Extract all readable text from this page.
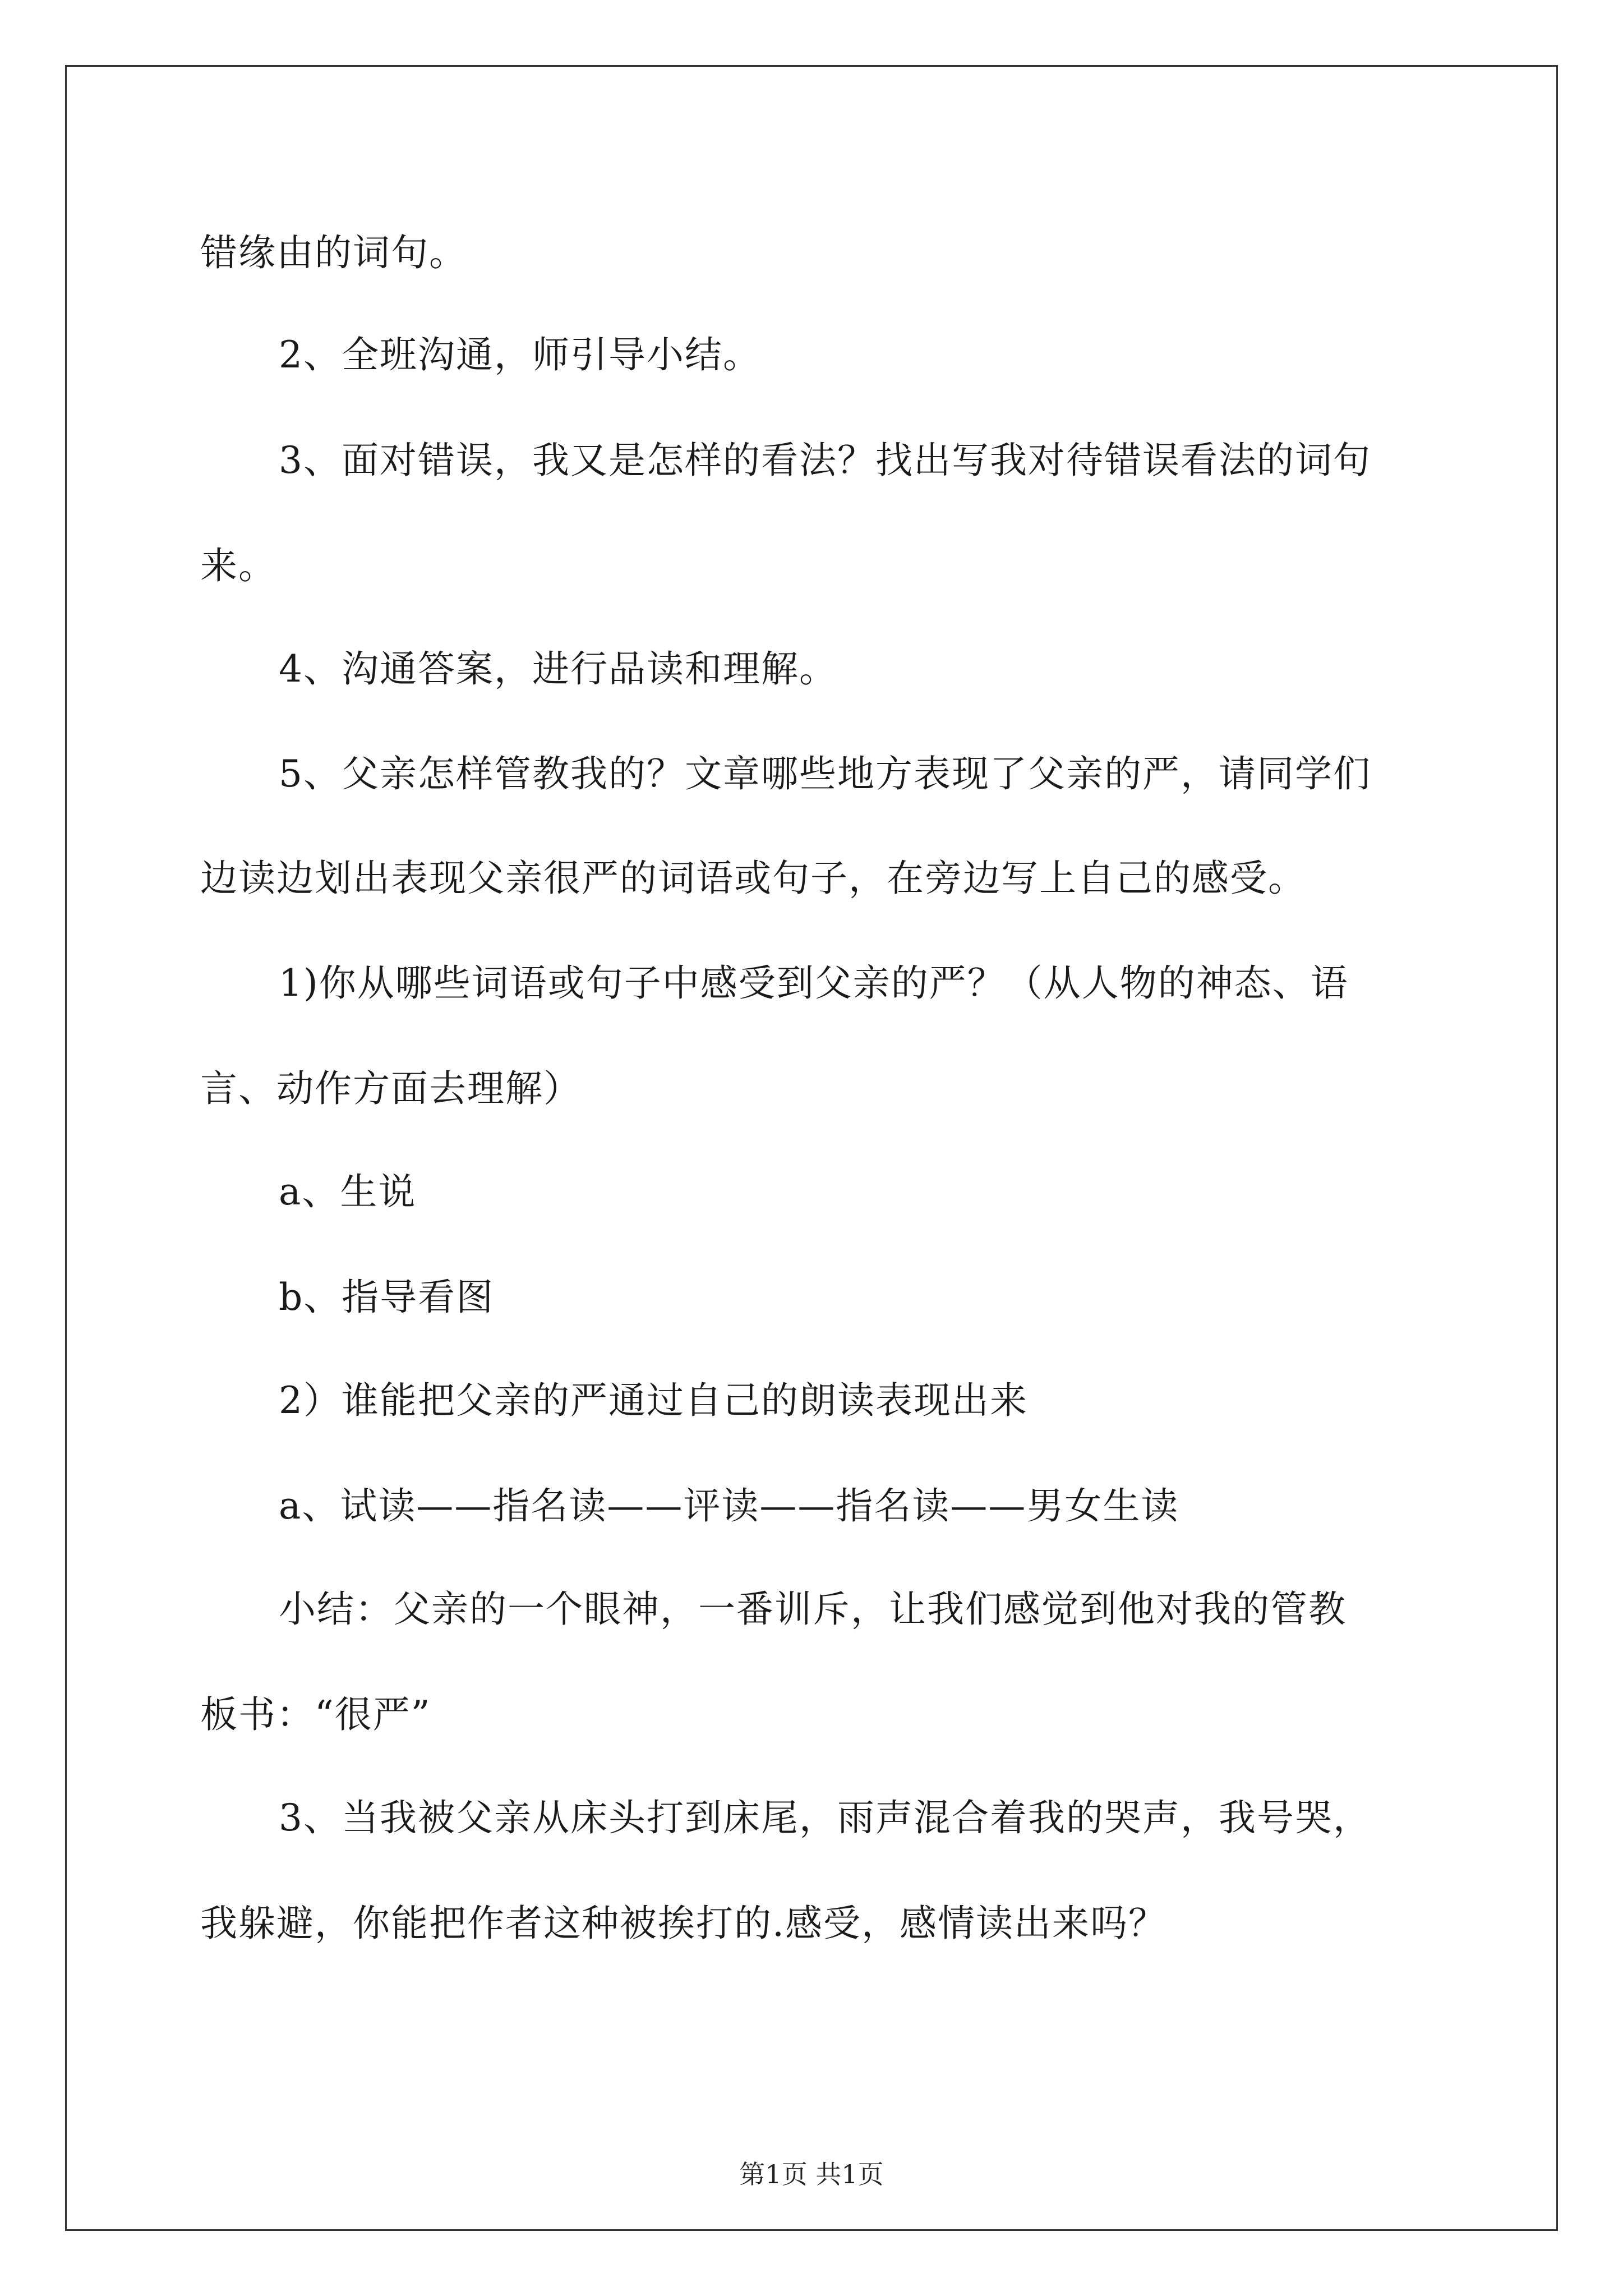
错缘由的词句。
2、全班沟通，师引导小结。
3、面对错误，我又是怎样的看法？找出写我对待错误看法的词句
来。
4、沟通答案，进行品读和理解。
5、父亲怎样管教我的？文章哪些地方表现了父亲的严，请同学们
边读边划出表现父亲很严的词语或句子，在旁边写上自己的感受。
1)你从哪些词语或句子中感受到父亲的严？（从人物的神态、语
言、动作方面去理解）
a、生说
b、指导看图
2）谁能把父亲的严通过自己的朗读表现出来
a、试读——指名读——评读——指名读——男女生读
小结：父亲的一个眼神，一番训斥，让我们感觉到他对我的管教
板书：“很严”
3、当我被父亲从床头打到床尾，雨声混合着我的哭声，我号哭，
我躲避，你能把作者这种被挨打的.感受，感情读出来吗？
第1页 共1页
